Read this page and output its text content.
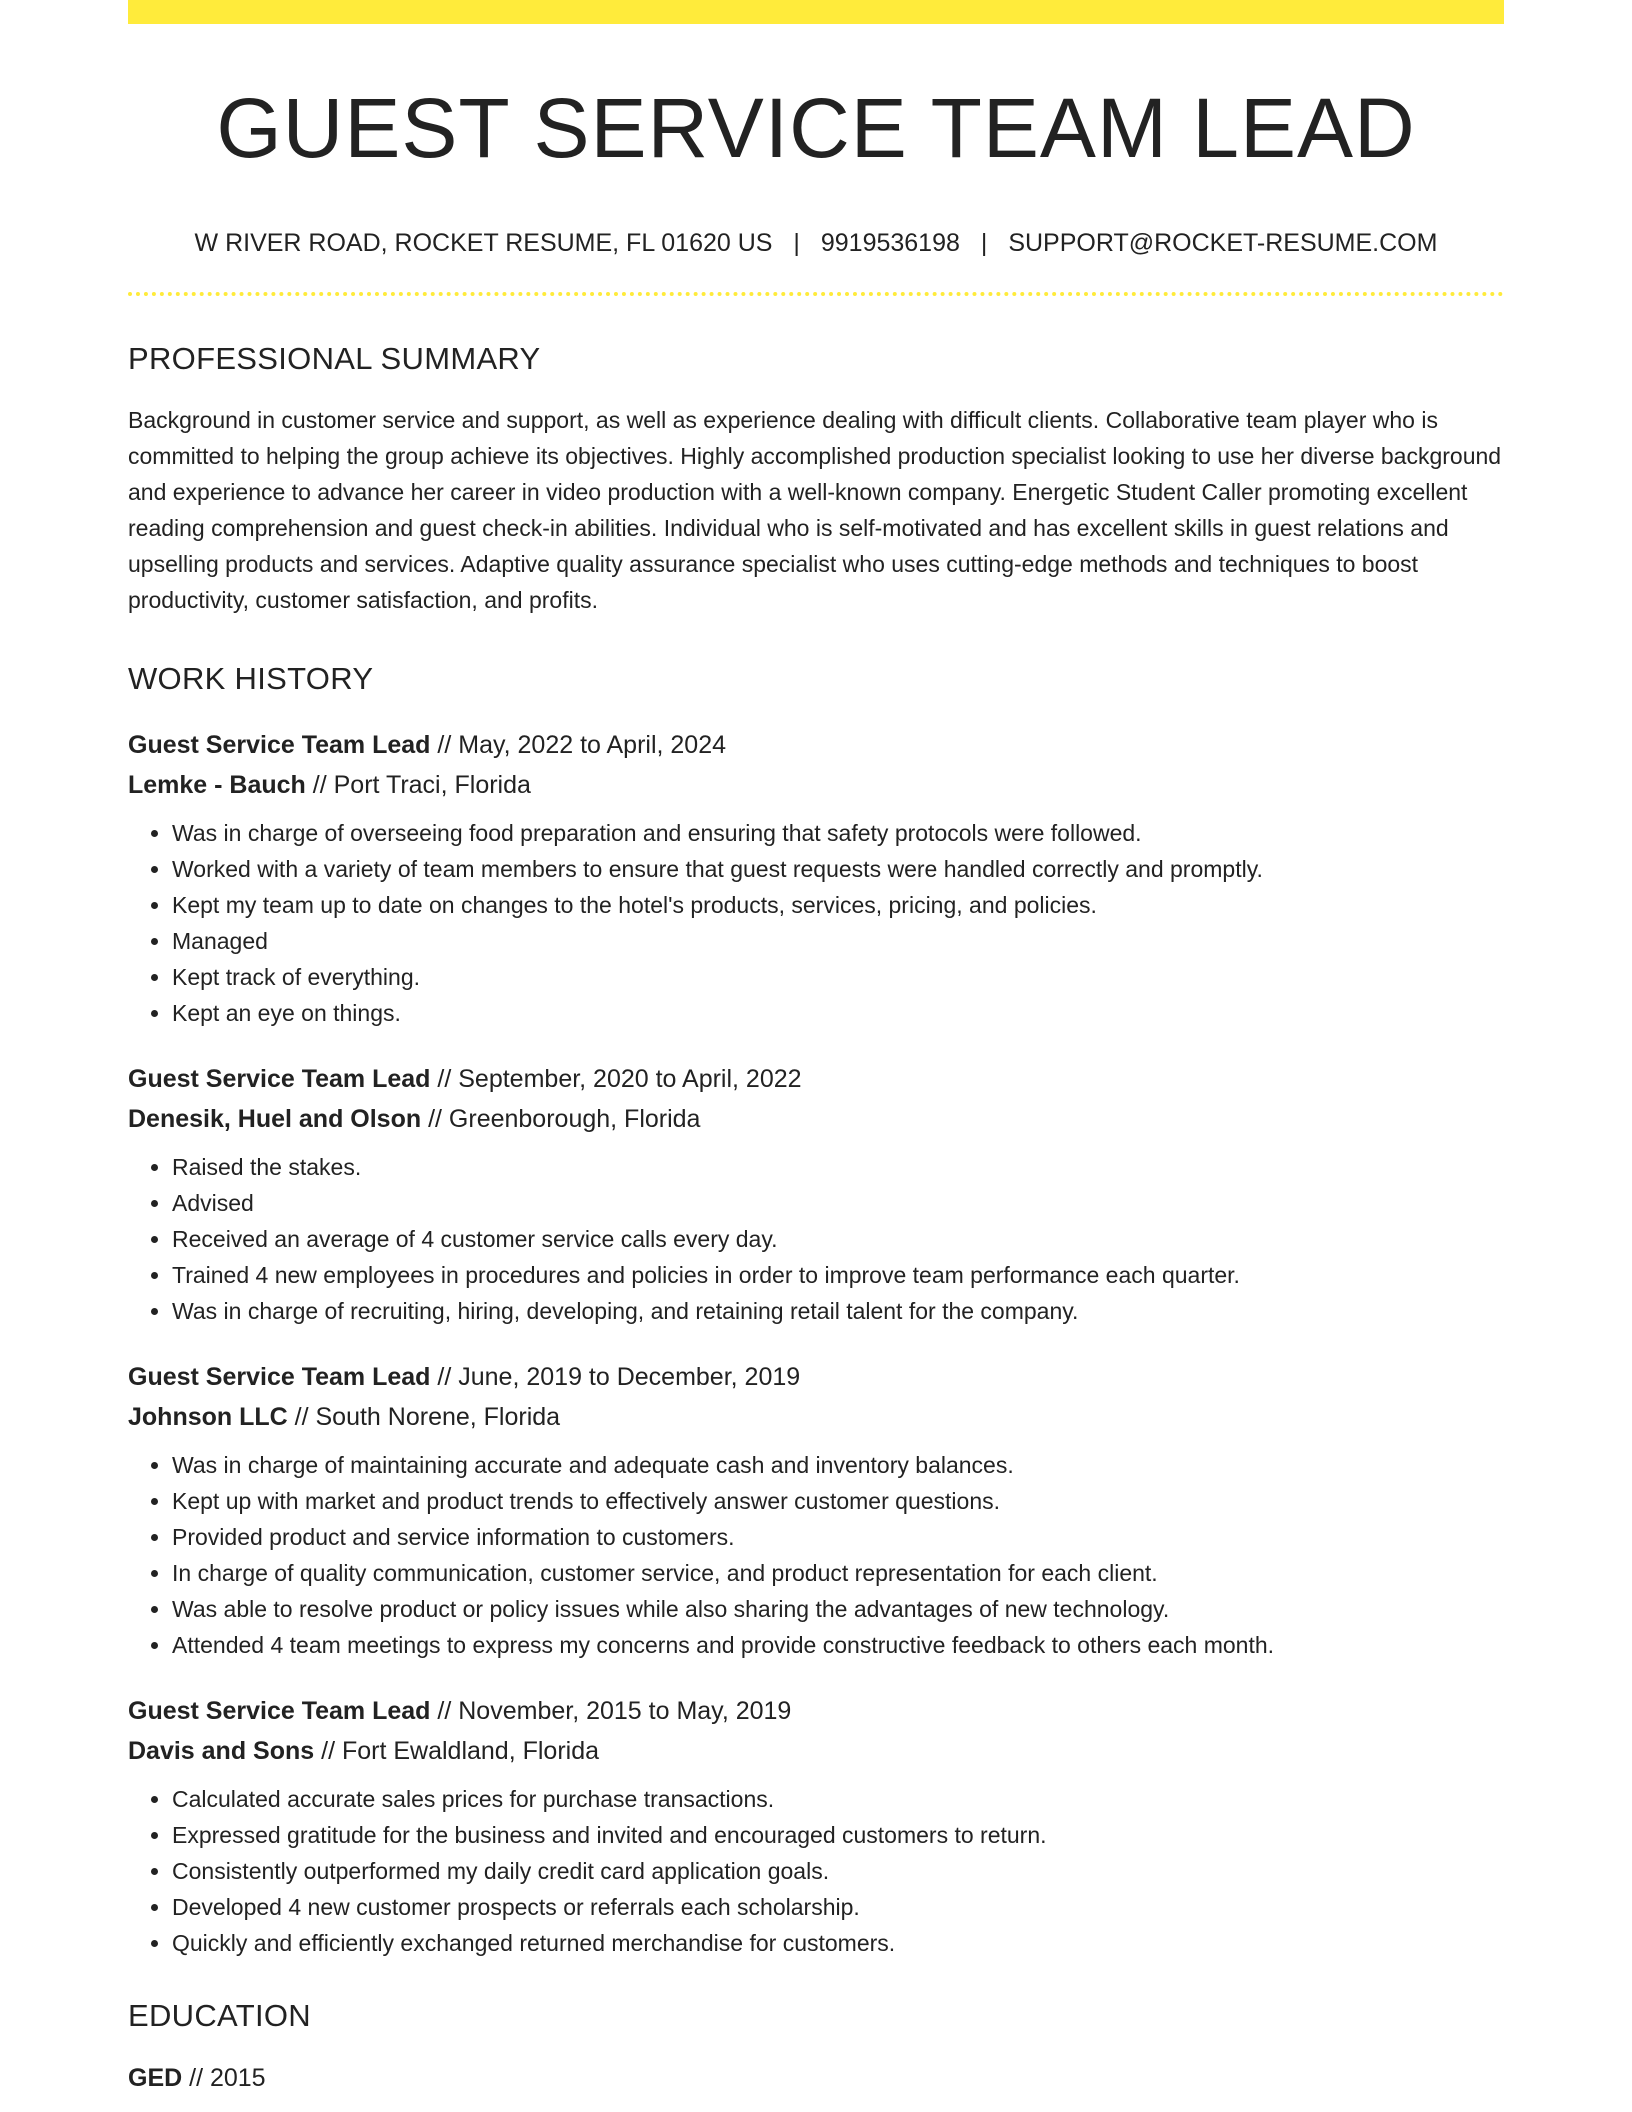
GUEST SERVICE TEAM LEAD
W RIVER ROAD, ROCKET RESUME, FL 01620 US | 9919536198 | SUPPORT@ROCKET-RESUME.COM
PROFESSIONAL SUMMARY
Background in customer service and support, as well as experience dealing with difficult clients. Collaborative team player who is committed to helping the group achieve its objectives. Highly accomplished production specialist looking to use her diverse background and experience to advance her career in video production with a well-known company. Energetic Student Caller promoting excellent reading comprehension and guest check-in abilities. Individual who is self-motivated and has excellent skills in guest relations and upselling products and services. Adaptive quality assurance specialist who uses cutting-edge methods and techniques to boost productivity, customer satisfaction, and profits.
WORK HISTORY
Guest Service Team Lead // May, 2022 to April, 2024
Lemke - Bauch // Port Traci, Florida
• Was in charge of overseeing food preparation and ensuring that safety protocols were followed.
• Worked with a variety of team members to ensure that guest requests were handled correctly and promptly.
• Kept my team up to date on changes to the hotel's products, services, pricing, and policies.
• Managed
• Kept track of everything.
• Kept an eye on things.
Guest Service Team Lead // September, 2020 to April, 2022
Denesik, Huel and Olson // Greenborough, Florida
• Raised the stakes.
• Advised
• Received an average of 4 customer service calls every day.
• Trained 4 new employees in procedures and policies in order to improve team performance each quarter.
• Was in charge of recruiting, hiring, developing, and retaining retail talent for the company.
Guest Service Team Lead // June, 2019 to December, 2019
Johnson LLC // South Norene, Florida
• Was in charge of maintaining accurate and adequate cash and inventory balances.
• Kept up with market and product trends to effectively answer customer questions.
• Provided product and service information to customers.
• In charge of quality communication, customer service, and product representation for each client.
• Was able to resolve product or policy issues while also sharing the advantages of new technology.
• Attended 4 team meetings to express my concerns and provide constructive feedback to others each month.
Guest Service Team Lead // November, 2015 to May, 2019
Davis and Sons // Fort Ewaldland, Florida
• Calculated accurate sales prices for purchase transactions.
• Expressed gratitude for the business and invited and encouraged customers to return.
• Consistently outperformed my daily credit card application goals.
• Developed 4 new customer prospects or referrals each scholarship.
• Quickly and efficiently exchanged returned merchandise for customers.
EDUCATION
GED // 2015
